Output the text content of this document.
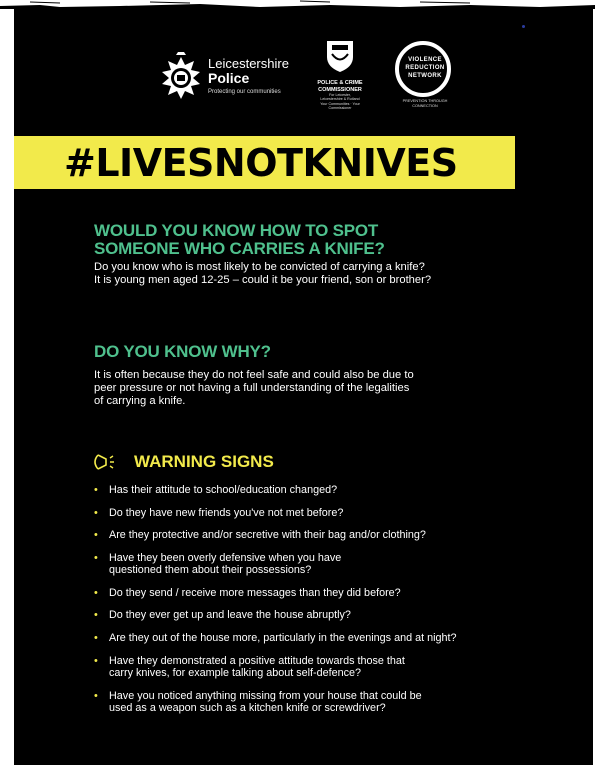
Leicestershire
Police
Protecting our communities
POLICE & CRIME
COMMISSIONER
For Leicester,
Leicestershire & Rutland
Your Communities · Your Commissioner
VIOLENCE
REDUCTION
NETWORK
PREVENTION THROUGH
CONNECTION
#LIVESNOTKNIVES
WOULD YOU KNOW HOW TO SPOT
SOMEONE WHO CARRIES A KNIFE?
Do you know who is most likely to be convicted of carrying a knife?
It is young men aged 12-25 – could it be your friend, son or brother?
DO YOU KNOW WHY?
It is often because they do not feel safe and could also be due to
peer pressure or not having a full understanding of the legalities
of carrying a knife.
WARNING SIGNS
• Has their attitude to school/education changed?
• Do they have new friends you've not met before?
• Are they protective and/or secretive with their bag and/or clothing?
• Have they been overly defensive when you have
questioned them about their possessions?
• Do they send / receive more messages than they did before?
• Do they ever get up and leave the house abruptly?
• Are they out of the house more, particularly in the evenings and at night?
• Have they demonstrated a positive attitude towards those that
carry knives, for example talking about self-defence?
• Have you noticed anything missing from your house that could be
used as a weapon such as a kitchen knife or screwdriver?
